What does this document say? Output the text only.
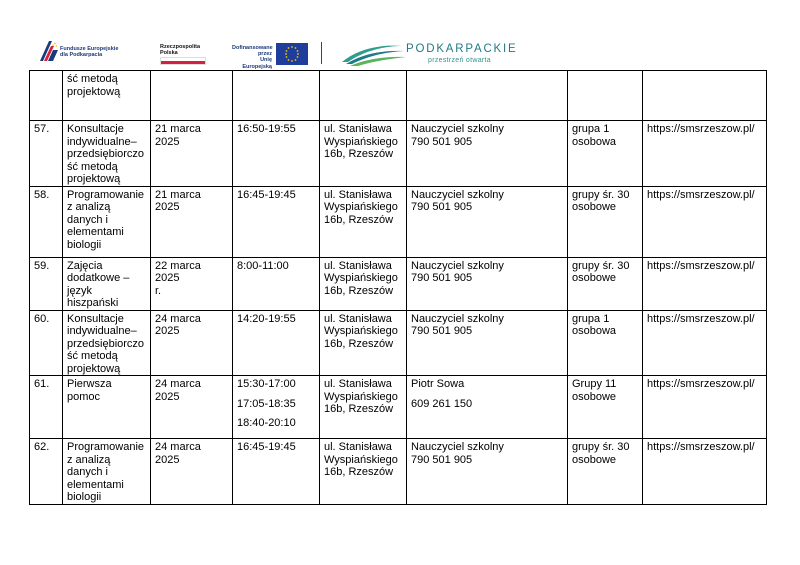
Fundusze Europejskie
dla Podkarpacia
Rzeczpospolita
Polska
Dofinansowane przez
Unię Europejską
PODKARPACKIE
przestrzeń otwarta

	ść metodą
projektową						

57.	Konsultacje
indywidualne–
przedsiębiorczo
ść metodą
projektową	21 marca 2025	16:50-19:55	ul. Stanisława
Wyspiańskiego
16b, Rzeszów	Nauczyciel szkolny
790 501 905	grupa 1
osobowa	https://smsrzeszow.pl/
58.	Programowanie
z analizą
danych i
elementami
biologii	21 marca 2025	16:45-19:45	ul. Stanisława
Wyspiańskiego
16b, Rzeszów	Nauczyciel szkolny
790 501 905	grupy śr. 30
osobowe	https://smsrzeszow.pl/
59.	Zajęcia
dodatkowe –
język hiszpański	22 marca 2025
r.	8:00-11:00	ul. Stanisława
Wyspiańskiego
16b, Rzeszów	Nauczyciel szkolny
790 501 905	grupy śr. 30
osobowe	https://smsrzeszow.pl/
60.	Konsultacje
indywidualne–
przedsiębiorczo
ść metodą
projektową	24 marca 2025	14:20-19:55	ul. Stanisława
Wyspiańskiego
16b, Rzeszów	Nauczyciel szkolny
790 501 905	grupa 1
osobowa	https://smsrzeszow.pl/
61.	Pierwsza
pomoc	24 marca 2025	15:30-17:00
17:05-18:35
18:40-20:10	ul. Stanisława
Wyspiańskiego
16b, Rzeszów	Piotr Sowa
609 261 150	Grupy 11
osobowe	https://smsrzeszow.pl/
62.	Programowanie
z analizą
danych i
elementami
biologii	24 marca 2025	16:45-19:45	ul. Stanisława
Wyspiańskiego
16b, Rzeszów	Nauczyciel szkolny
790 501 905	grupy śr. 30
osobowe	https://smsrzeszow.pl/
